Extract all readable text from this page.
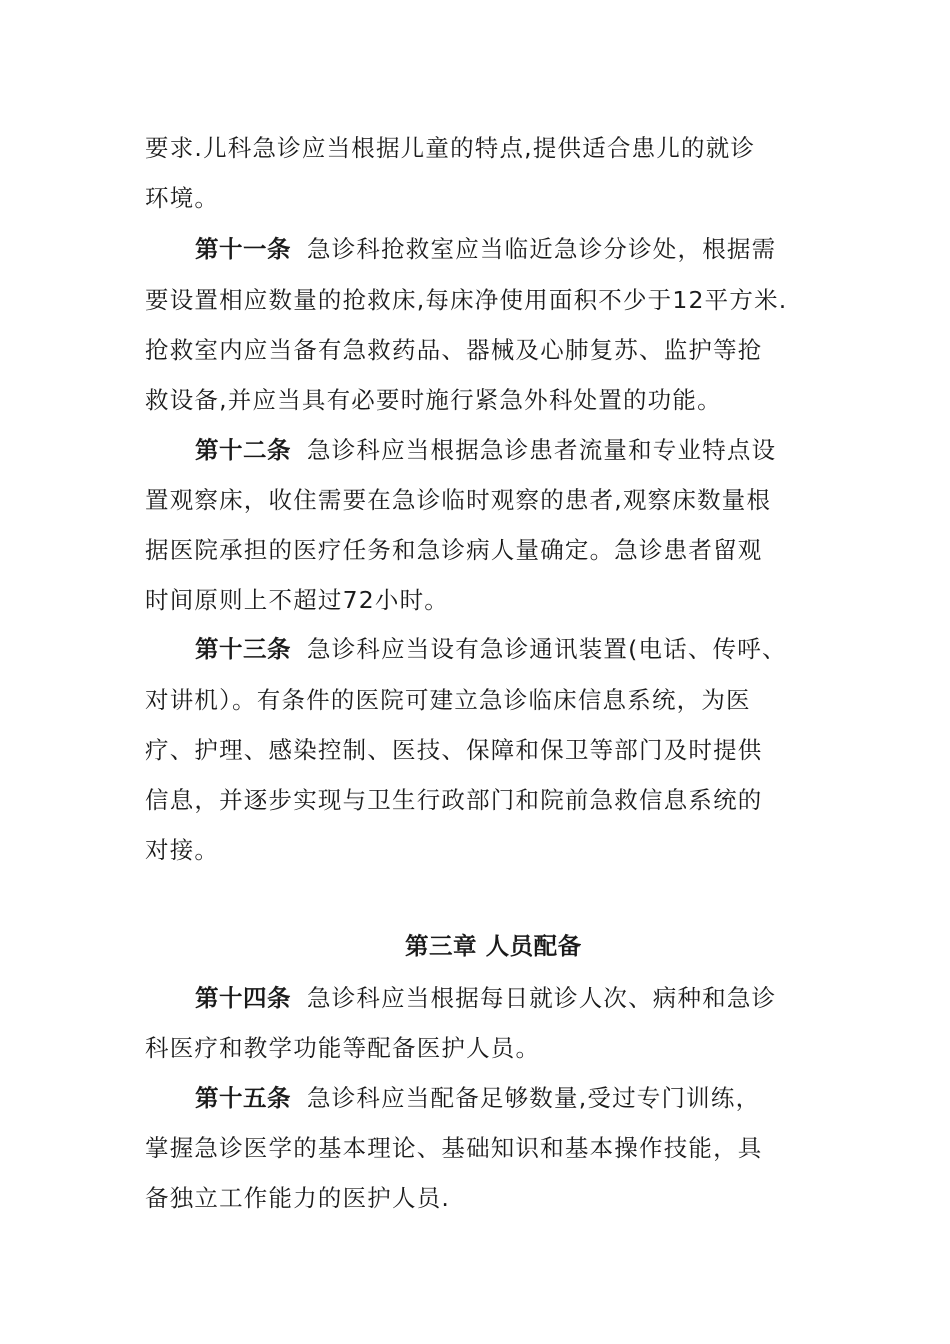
要求.儿科急诊应当根据儿童的特点,提供适合患儿的就诊
环境。
第十一条 急诊科抢救室应当临近急诊分诊处，根据需
要设置相应数量的抢救床,每床净使用面积不少于12平方米.
抢救室内应当备有急救药品、器械及心肺复苏、监护等抢
救设备,并应当具有必要时施行紧急外科处置的功能。
第十二条 急诊科应当根据急诊患者流量和专业特点设
置观察床，收住需要在急诊临时观察的患者,观察床数量根
据医院承担的医疗任务和急诊病人量确定。急诊患者留观
时间原则上不超过72小时。
第十三条 急诊科应当设有急诊通讯装置(电话、传呼、
对讲机）。有条件的医院可建立急诊临床信息系统，为医
疗、护理、感染控制、医技、保障和保卫等部门及时提供
信息，并逐步实现与卫生行政部门和院前急救信息系统的
对接。
第三章 人员配备
第十四条 急诊科应当根据每日就诊人次、病种和急诊
科医疗和教学功能等配备医护人员。
第十五条 急诊科应当配备足够数量,受过专门训练，
掌握急诊医学的基本理论、基础知识和基本操作技能，具
备独立工作能力的医护人员.
